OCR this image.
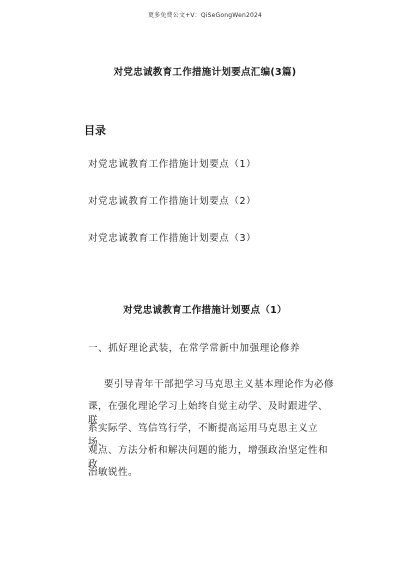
更多免费公文+V：QiSeGongWen2024
对党忠诚教育工作措施计划要点汇编(3篇)
目录
对党忠诚教育工作措施计划要点（1）
对党忠诚教育工作措施计划要点（2）
对党忠诚教育工作措施计划要点（3）
对党忠诚教育工作措施计划要点（1）
一、抓好理论武装，在常学常新中加强理论修养
要引导青年干部把学习马克思主义基本理论作为必修
课，在强化理论学习上始终自觉主动学、及时跟进学、联
系实际学、笃信笃行学，不断提高运用马克思主义立场、
观点、方法分析和解决问题的能力，增强政治坚定性和政
治敏锐性。
